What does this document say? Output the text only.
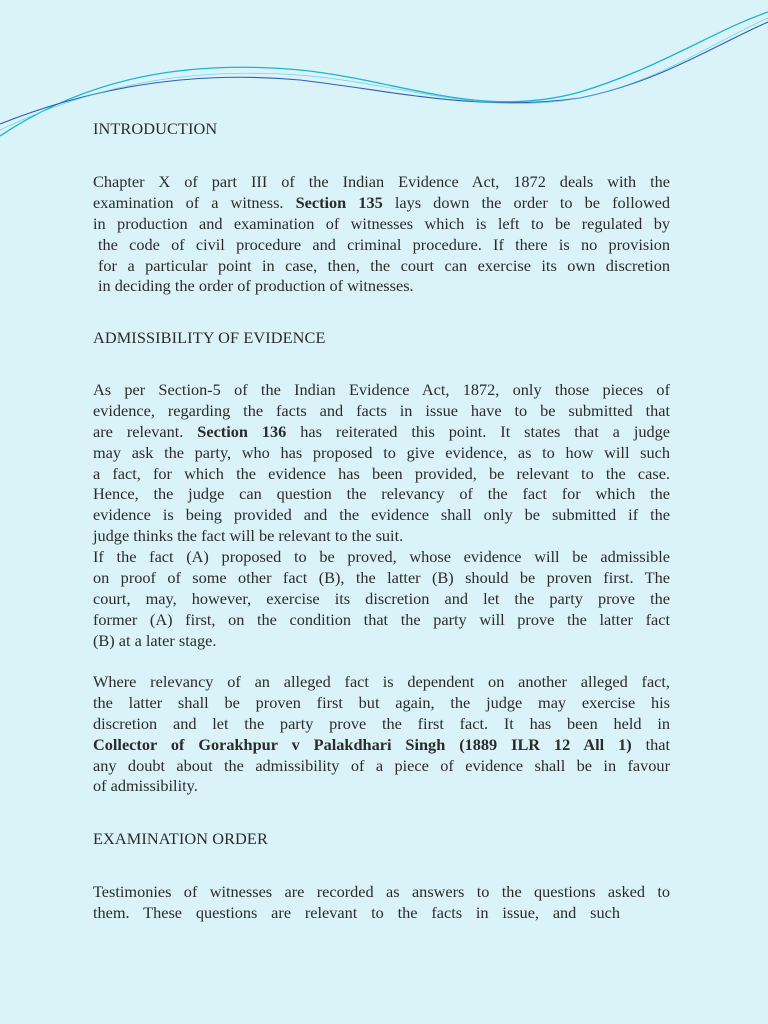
INTRODUCTION
Chapter X of part III of the Indian Evidence Act, 1872 deals with the
examination of a witness. Section 135 lays down the order to be followed
in production and examination of witnesses which is left to be regulated by
the code of civil procedure and criminal procedure. If there is no provision
for a particular point in case, then, the court can exercise its own discretion
in deciding the order of production of witnesses.
ADMISSIBILITY OF EVIDENCE
As per Section-5 of the Indian Evidence Act, 1872, only those pieces of
evidence, regarding the facts and facts in issue have to be submitted that
are relevant. Section 136 has reiterated this point. It states that a judge
may ask the party, who has proposed to give evidence, as to how will such
a fact, for which the evidence has been provided, be relevant to the case.
Hence, the judge can question the relevancy of the fact for which the
evidence is being provided and the evidence shall only be submitted if the
judge thinks the fact will be relevant to the suit.
If the fact (A) proposed to be proved, whose evidence will be admissible
on proof of some other fact (B), the latter (B) should be proven first. The
court, may, however, exercise its discretion and let the party prove the
former (A) first, on the condition that the party will prove the latter fact
(B) at a later stage.
Where relevancy of an alleged fact is dependent on another alleged fact,
the latter shall be proven first but again, the judge may exercise his
discretion and let the party prove the first fact. It has been held in
Collector of Gorakhpur v Palakdhari Singh (1889 ILR 12 All 1) that
any doubt about the admissibility of a piece of evidence shall be in favour
of admissibility.
EXAMINATION ORDER
Testimonies of witnesses are recorded as answers to the questions asked to
them. These questions are relevant to the facts in issue, and such
